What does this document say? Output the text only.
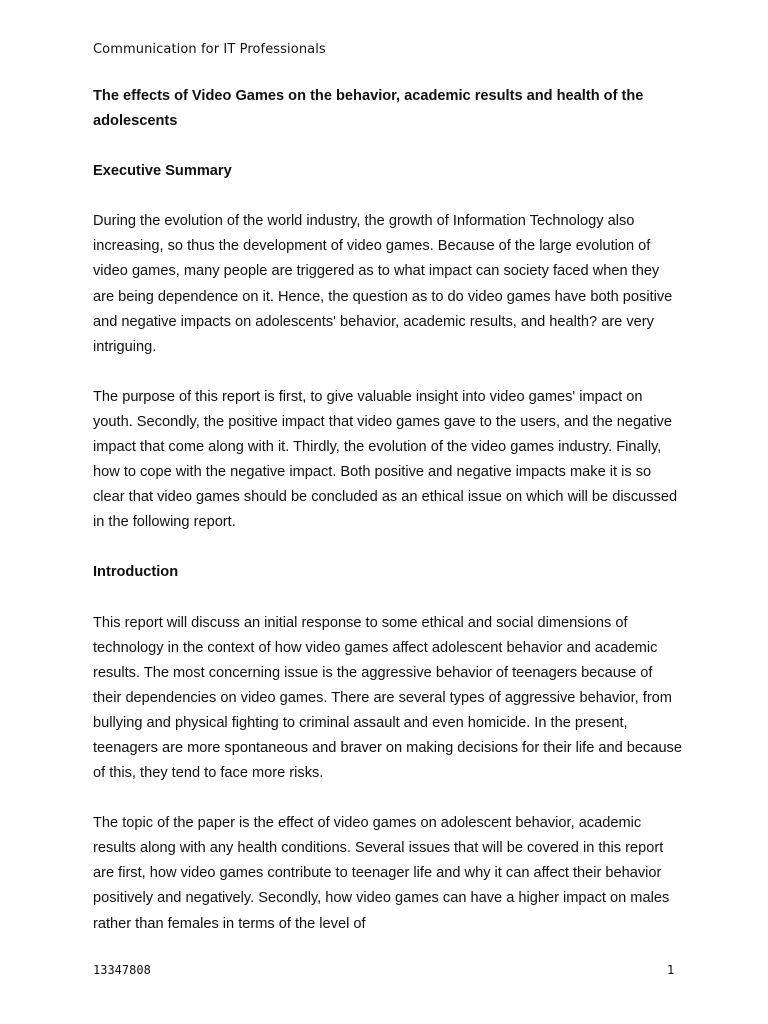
Communication for IT Professionals
The effects of Video Games on the behavior, academic results and health of the adolescents
Executive Summary

During the evolution of the world industry, the growth of Information Technology also increasing, so thus the development of video games. Because of the large evolution of video games, many people are triggered as to what impact can society faced when they are being dependence on it. Hence, the question as to do video games have both positive and negative impacts on adolescents' behavior, academic results, and health? are very intriguing.

The purpose of this report is first, to give valuable insight into video games' impact on youth. Secondly, the positive impact that video games gave to the users, and the negative impact that come along with it. Thirdly, the evolution of the video games industry. Finally, how to cope with the negative impact. Both positive and negative impacts make it is so clear that video games should be concluded as an ethical issue on which will be discussed in the following report.

Introduction

This report will discuss an initial response to some ethical and social dimensions of technology in the context of how video games affect adolescent behavior and academic results. The most concerning issue is the aggressive behavior of teenagers because of their dependencies on video games. There are several types of aggressive behavior, from bullying and physical fighting to criminal assault and even homicide. In the present, teenagers are more spontaneous and braver on making decisions for their life and because of this, they tend to face more risks.

The topic of the paper is the effect of video games on adolescent behavior, academic results along with any health conditions. Several issues that will be covered in this report are first, how video games contribute to teenager life and why it can affect their behavior positively and negatively. Secondly, how video games can have a higher impact on males rather than females in terms of the level of

13347808	1
